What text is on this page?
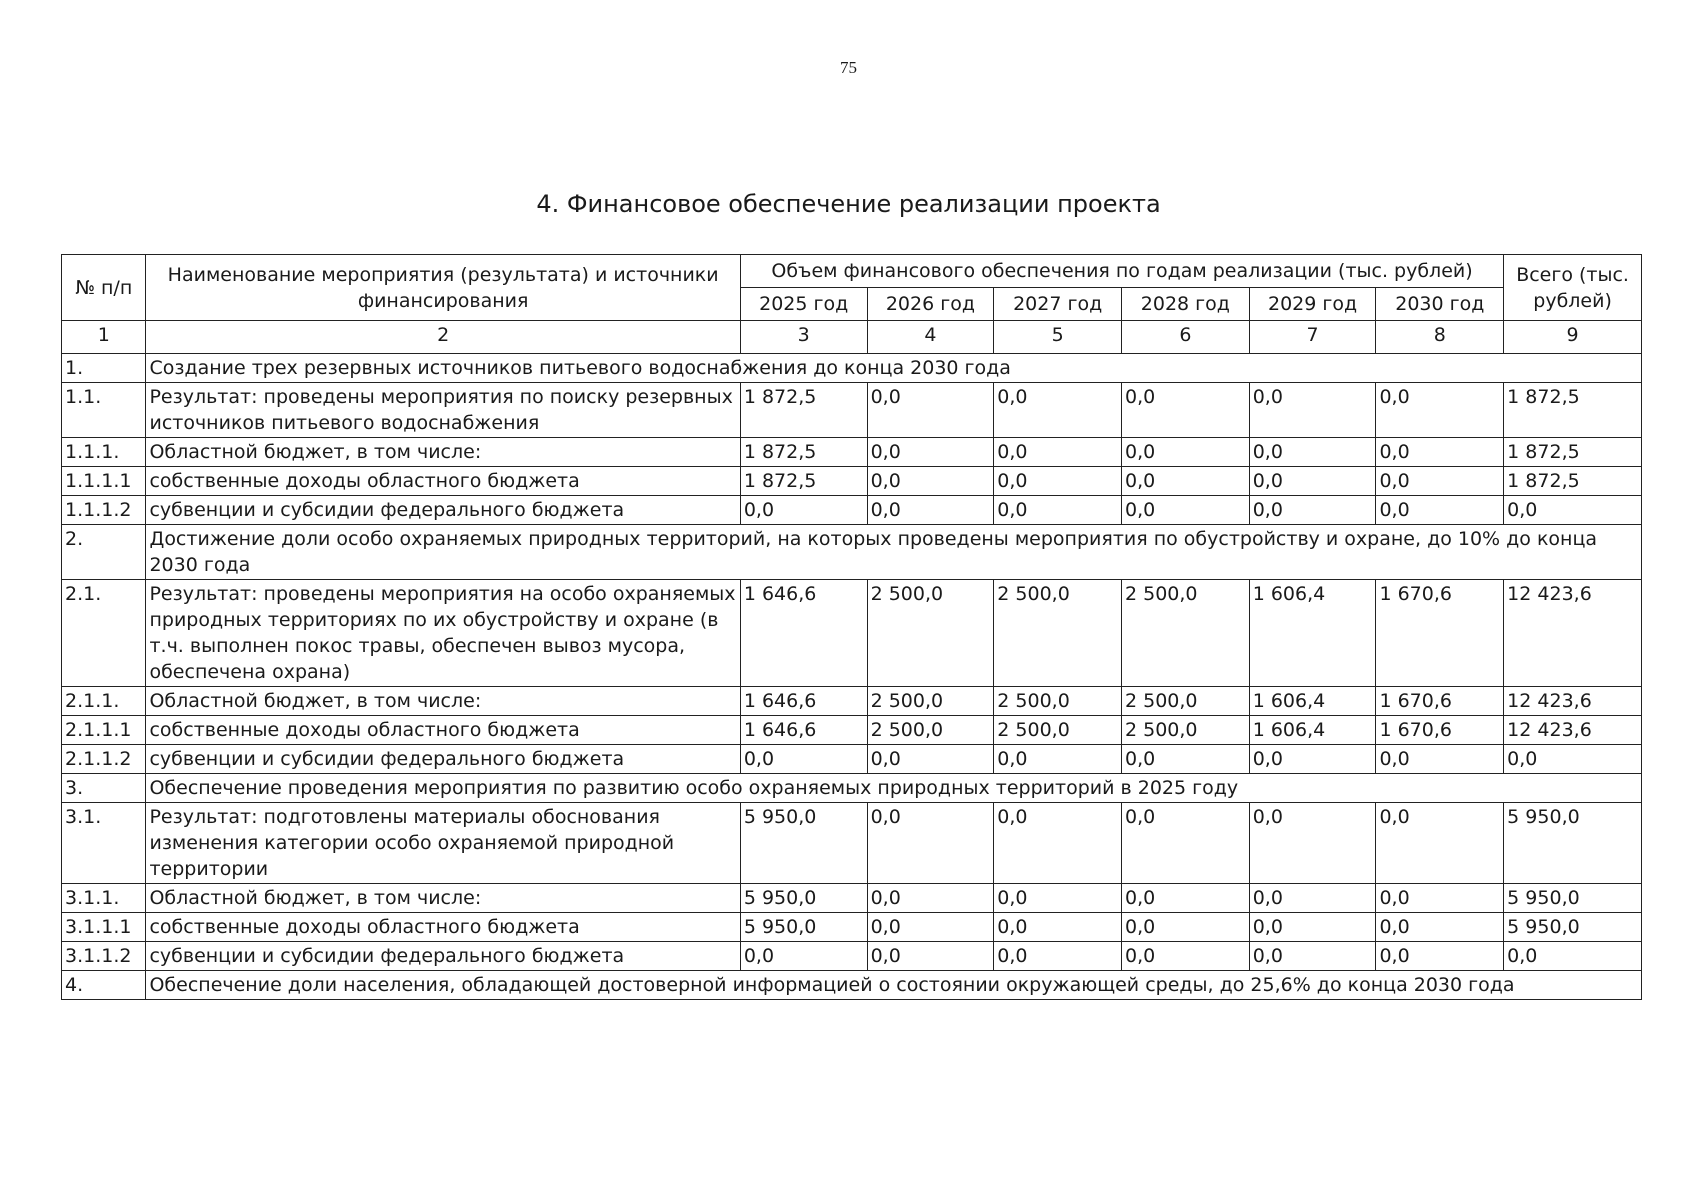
75
4. Финансовое обеспечение реализации проекта
№ п/п	Наименование мероприятия (результата) и источники финансирования	Объем финансового обеспечения по годам реализации (тыс. рублей)						Всего (тыс. рублей)
		2025 год	2026 год	2027 год	2028 год	2029 год	2030 год	
1	2	3	4	5	6	7	8	9
1.	Создание трех резервных источников питьевого водоснабжения до конца 2030 года							
1.1.	Результат: проведены мероприятия по поиску резервных источников питьевого водоснабжения	1 872,5	0,0	0,0	0,0	0,0	0,0	1 872,5
1.1.1.	Областной бюджет, в том числе:	1 872,5	0,0	0,0	0,0	0,0	0,0	1 872,5
1.1.1.1	собственные доходы областного бюджета	1 872,5	0,0	0,0	0,0	0,0	0,0	1 872,5
1.1.1.2	субвенции и субсидии федерального бюджета	0,0	0,0	0,0	0,0	0,0	0,0	0,0
2.	Достижение доли особо охраняемых природных территорий, на которых проведены мероприятия по обустройству и охране, до 10% до конца 2030 года							
2.1.	Результат: проведены мероприятия на особо охраняемых природных территориях по их обустройству и охране (в т.ч. выполнен покос травы, обеспечен вывоз мусора, обеспечена охрана)	1 646,6	2 500,0	2 500,0	2 500,0	1 606,4	1 670,6	12 423,6
2.1.1.	Областной бюджет, в том числе:	1 646,6	2 500,0	2 500,0	2 500,0	1 606,4	1 670,6	12 423,6
2.1.1.1	собственные доходы областного бюджета	1 646,6	2 500,0	2 500,0	2 500,0	1 606,4	1 670,6	12 423,6
2.1.1.2	субвенции и субсидии федерального бюджета	0,0	0,0	0,0	0,0	0,0	0,0	0,0
3.	Обеспечение проведения мероприятия по развитию особо охраняемых природных территорий в 2025 году							
3.1.	Результат: подготовлены материалы обоснования изменения категории особо охраняемой природной территории	5 950,0	0,0	0,0	0,0	0,0	0,0	5 950,0
3.1.1.	Областной бюджет, в том числе:	5 950,0	0,0	0,0	0,0	0,0	0,0	5 950,0
3.1.1.1	собственные доходы областного бюджета	5 950,0	0,0	0,0	0,0	0,0	0,0	5 950,0
3.1.1.2	субвенции и субсидии федерального бюджета	0,0	0,0	0,0	0,0	0,0	0,0	0,0
4.	Обеспечение доли населения, обладающей достоверной информацией о состоянии окружающей среды, до 25,6% до конца 2030 года							
